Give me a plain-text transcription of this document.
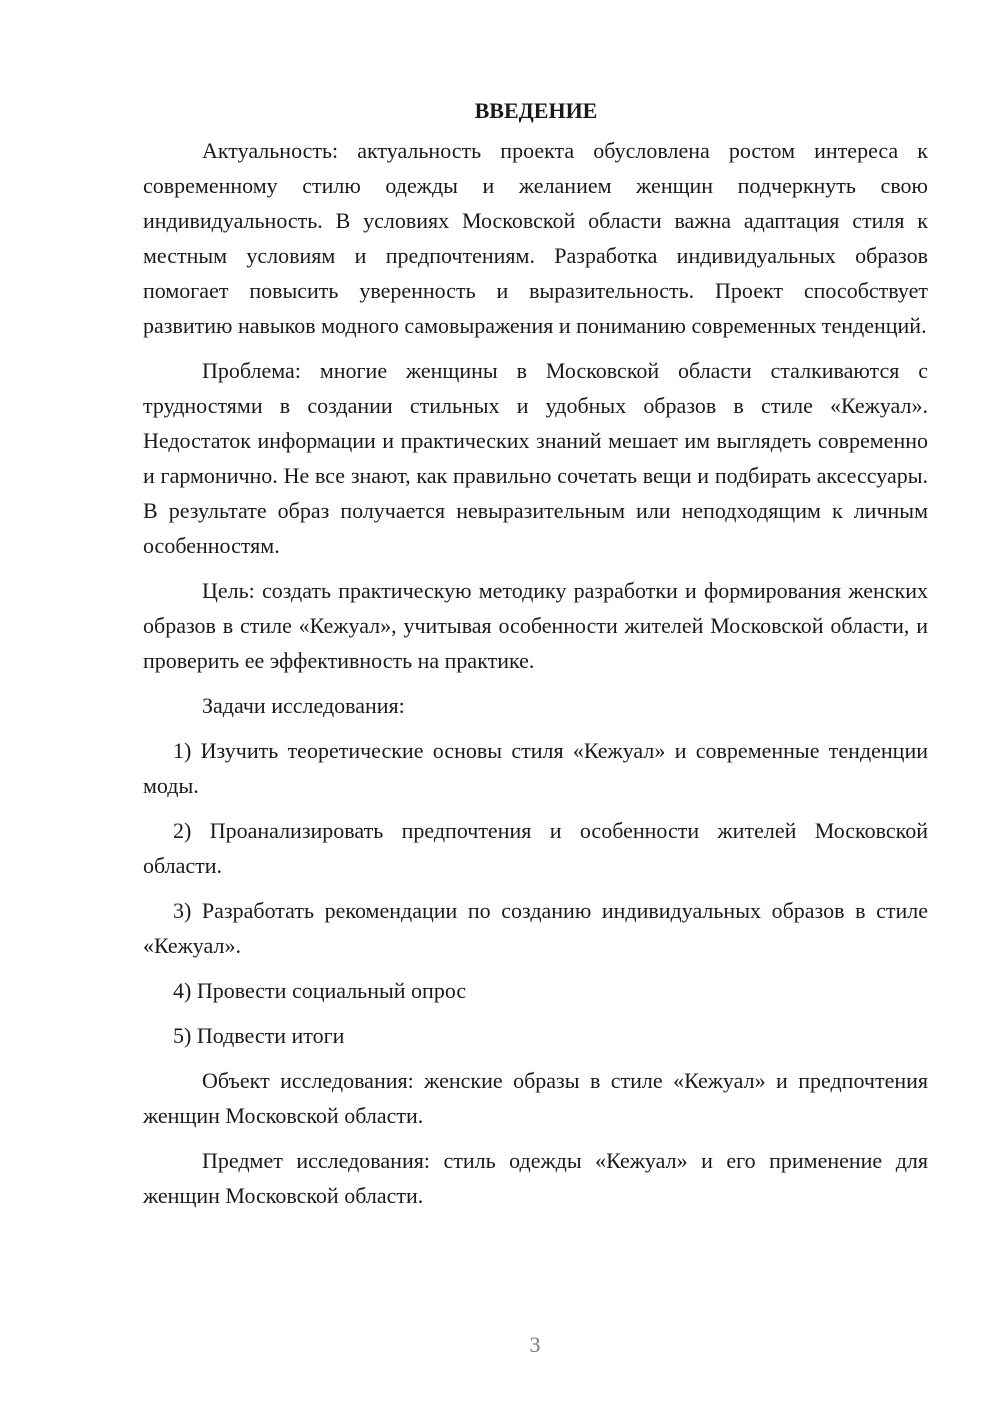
ВВЕДЕНИЕ

Актуальность: актуальность проекта обусловлена ростом интереса к современному стилю одежды и желанием женщин подчеркнуть свою индивидуальность. В условиях Московской области важна адаптация стиля к местным условиям и предпочтениям. Разработка индивидуальных образов помогает повысить уверенность и выразительность. Проект способствует развитию навыков модного самовыражения и пониманию современных тенденций.

Проблема: многие женщины в Московской области сталкиваются с трудностями в создании стильных и удобных образов в стиле «Кежуал». Недостаток информации и практических знаний мешает им выглядеть современно и гармонично. Не все знают, как правильно сочетать вещи и подбирать аксессуары. В результате образ получается невыразительным или неподходящим к личным особенностям.

Цель: создать практическую методику разработки и формирования женских образов в стиле «Кежуал», учитывая особенности жителей Московской области, и проверить ее эффективность на практике.

Задачи исследования:

1) Изучить теоретические основы стиля «Кежуал» и современные тенденции моды.

2) Проанализировать предпочтения и особенности жителей Московской области.

3) Разработать рекомендации по созданию индивидуальных образов в стиле «Кежуал».

4) Провести социальный опрос

5) Подвести итоги

Объект исследования: женские образы в стиле «Кежуал» и предпочтения женщин Московской области.

Предмет исследования: стиль одежды «Кежуал» и его применение для женщин Московской области.

3
